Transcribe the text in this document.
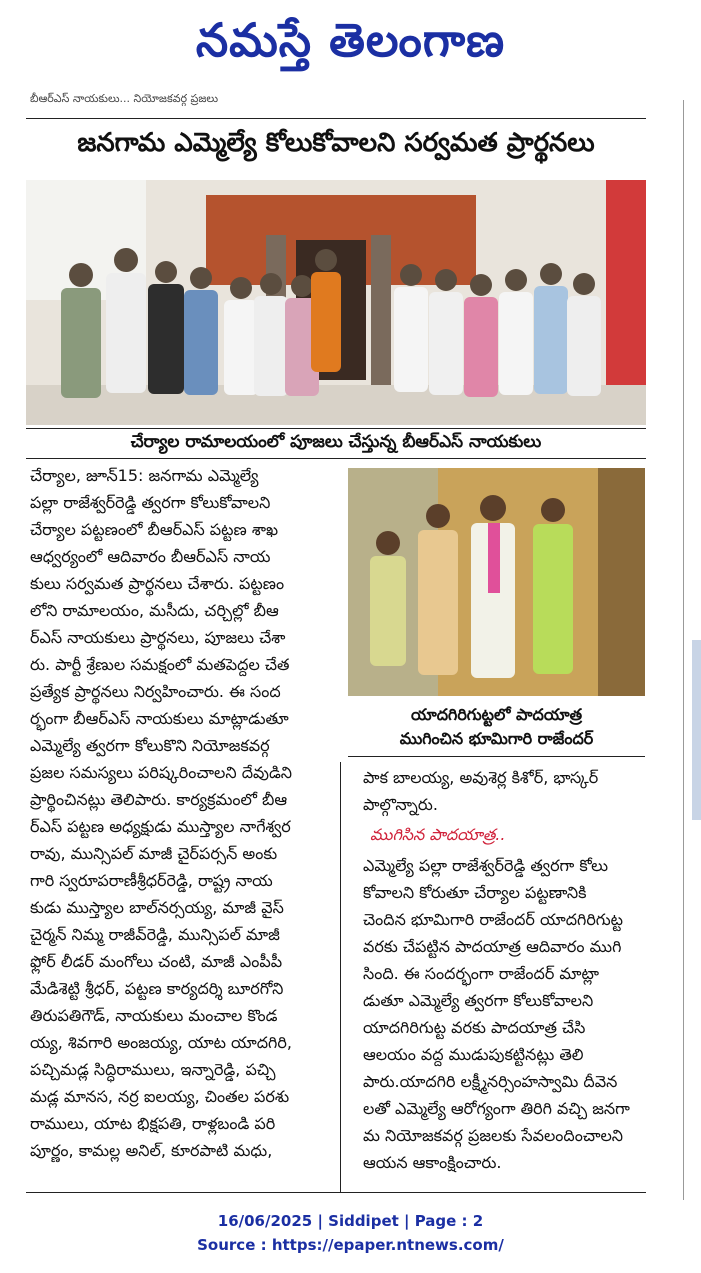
నమస్తే తెలంగాణ
బీఆర్ఎస్ నాయకులు... నియోజకవర్గ ప్రజలు
జనగామ ఎమ్మెల్యే కోలుకోవాలని సర్వమత ప్రార్థనలు
చేర్యాల రామాలయంలో పూజలు చేస్తున్న బీఆర్ఎస్ నాయకులు
యాదగిరిగుట్టలో పాదయాత్ర
ముగించిన భూమిగారి రాజేందర్

చేర్యాల, జూన్15: జనగామ ఎమ్మెల్యే

పల్లా రాజేశ్వర్‌రెడ్డి త్వరగా కోలుకోవాలని

చేర్యాల పట్టణంలో బీఆర్ఎస్ పట్టణ శాఖ

ఆధ్వర్యంలో ఆదివారం బీఆర్ఎస్ నాయ

కులు సర్వమత ప్రార్థనలు చేశారు. పట్టణం

లోని రామాలయం, మసీదు, చర్చిల్లో బీఆ

ర్ఎస్ నాయకులు ప్రార్థనలు, పూజలు చేశా

రు. పార్టీ శ్రేణుల సమక్షంలో మతపెద్దల చేత

ప్రత్యేక ప్రార్థనలు నిర్వహించారు. ఈ సంద

ర్భంగా బీఆర్ఎస్ నాయకులు మాట్లాడుతూ

ఎమ్మెల్యే త్వరగా కోలుకొని నియోజకవర్గ

ప్రజల సమస్యలు పరిష్కరించాలని దేవుడిని

ప్రార్థించినట్లు తెలిపారు. కార్యక్రమంలో బీఆ

ర్ఎస్ పట్టణ అధ్యక్షుడు ముస్త్యాల నాగేశ్వర

రావు, మున్సిపల్ మాజీ చైర్‌పర్సన్ అంకు

గారి స్వరూపరాణీశ్రీధర్‌రెడ్డి, రాష్ట్ర నాయ

కుడు ముస్త్యాల బాల్‌నర్సయ్య, మాజీ వైస్

చైర్మన్ నిమ్మ రాజీవ్‌రెడ్డి, మున్సిపల్ మాజీ

ఫ్లోర్ లీడర్ మంగోలు చంటి, మాజీ ఎంపీపీ

మేడిశెట్టి శ్రీధర్, పట్టణ కార్యదర్శి బూరగోని

తిరుపతిగౌడ్, నాయకులు మంచాల కొండ

య్య, శివగారి అంజయ్య, యాట యాదగిరి,

పచ్చిమడ్ల సిద్ధిరాములు, ఇన్నారెడ్డి, పచ్చి

మడ్ల మానస, నర్ర ఐలయ్య, చింతల పరశు

రాములు, యాట భిక్షపతి, రాళ్లబండి పరి

పూర్ణం, కామల్ల అనిల్, కూరపాటి మధు,

పాక బాలయ్య, అవుశెర్ల కిశోర్, భాస్కర్

పాల్గొన్నారు.

ముగిసిన పాదయాత్ర..

ఎమ్మెల్యే పల్లా రాజేశ్వర్‌రెడ్డి త్వరగా కోలు

కోవాలని కోరుతూ చేర్యాల పట్టణానికి

చెందిన భూమిగారి రాజేందర్ యాదగిరిగుట్ట

వరకు చేపట్టిన పాదయాత్ర ఆదివారం ముగి

సింది. ఈ సందర్భంగా రాజేందర్ మాట్లా

డుతూ ఎమ్మెల్యే త్వరగా కోలుకోవాలని

యాదగిరిగుట్ట వరకు పాదయాత్ర చేసి

ఆలయం వద్ద ముడుపుకట్టినట్లు తెలి

పారు.యాదగిరి లక్ష్మీనర్సింహస్వామి దీవెన

లతో ఎమ్మెల్యే ఆరోగ్యంగా తిరిగి వచ్చి జనగా

మ నియోజకవర్గ ప్రజలకు సేవలందించాలని

ఆయన ఆకాంక్షించారు.

16/06/2025 | Siddipet | Page : 2
Source : https://epaper.ntnews.com/
